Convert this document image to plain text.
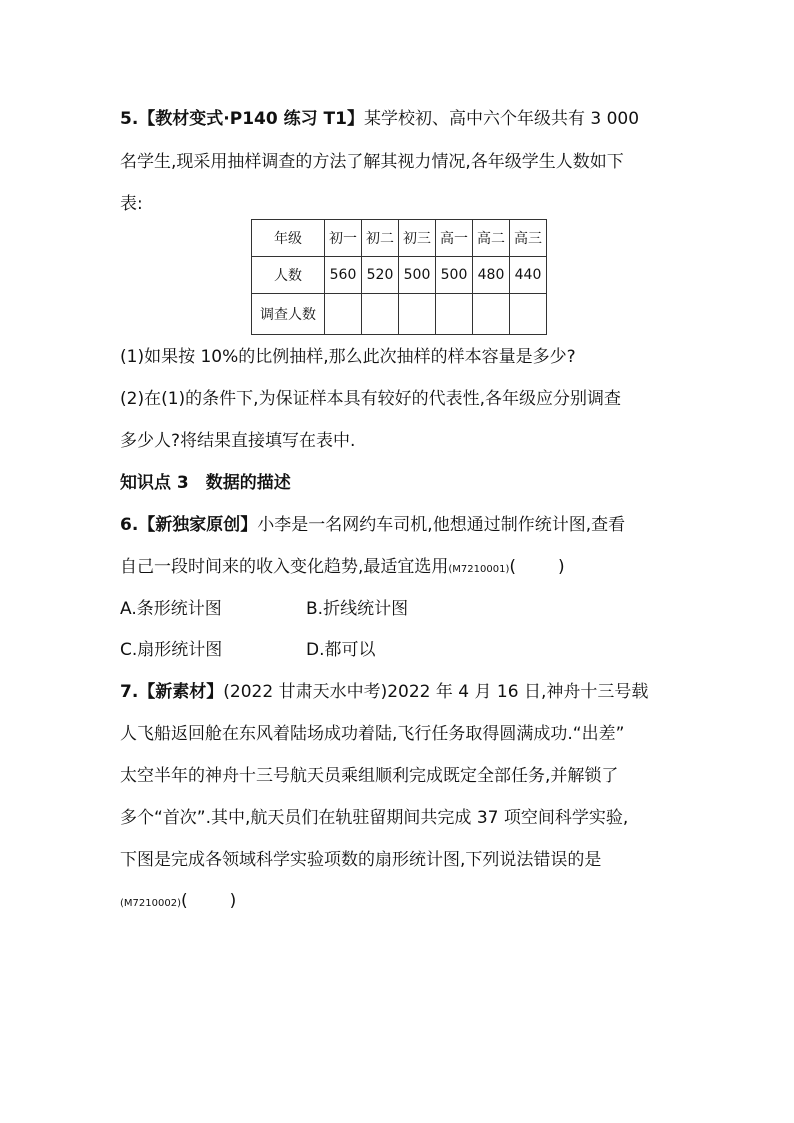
5.【教材变式·P140 练习 T1】某学校初、高中六个年级共有 3 000
名学生,现采用抽样调查的方法了解其视力情况,各年级学生人数如下
表:
年级	初一	初二	初三	高一	高二	高三
人数	560	520	500	500	480	440
调查人数						
(1)如果按 10%的比例抽样,那么此次抽样的样本容量是多少?
(2)在(1)的条件下,为保证样本具有较好的代表性,各年级应分别调查
多少人?将结果直接填写在表中.
知识点 3　数据的描述
6.【新独家原创】小李是一名网约车司机,他想通过制作统计图,查看
自己一段时间来的收入变化趋势,最适宜选用(M7210001)( )
A.条形统计图	B.折线统计图
C.扇形统计图	D.都可以
7.【新素材】(2022 甘肃天水中考)2022 年 4 月 16 日,神舟十三号载
人飞船返回舱在东风着陆场成功着陆,飞行任务取得圆满成功.“出差”
太空半年的神舟十三号航天员乘组顺利完成既定全部任务,并解锁了
多个“首次”.其中,航天员们在轨驻留期间共完成 37 项空间科学实验,
下图是完成各领域科学实验项数的扇形统计图,下列说法错误的是
(M7210002)( )
